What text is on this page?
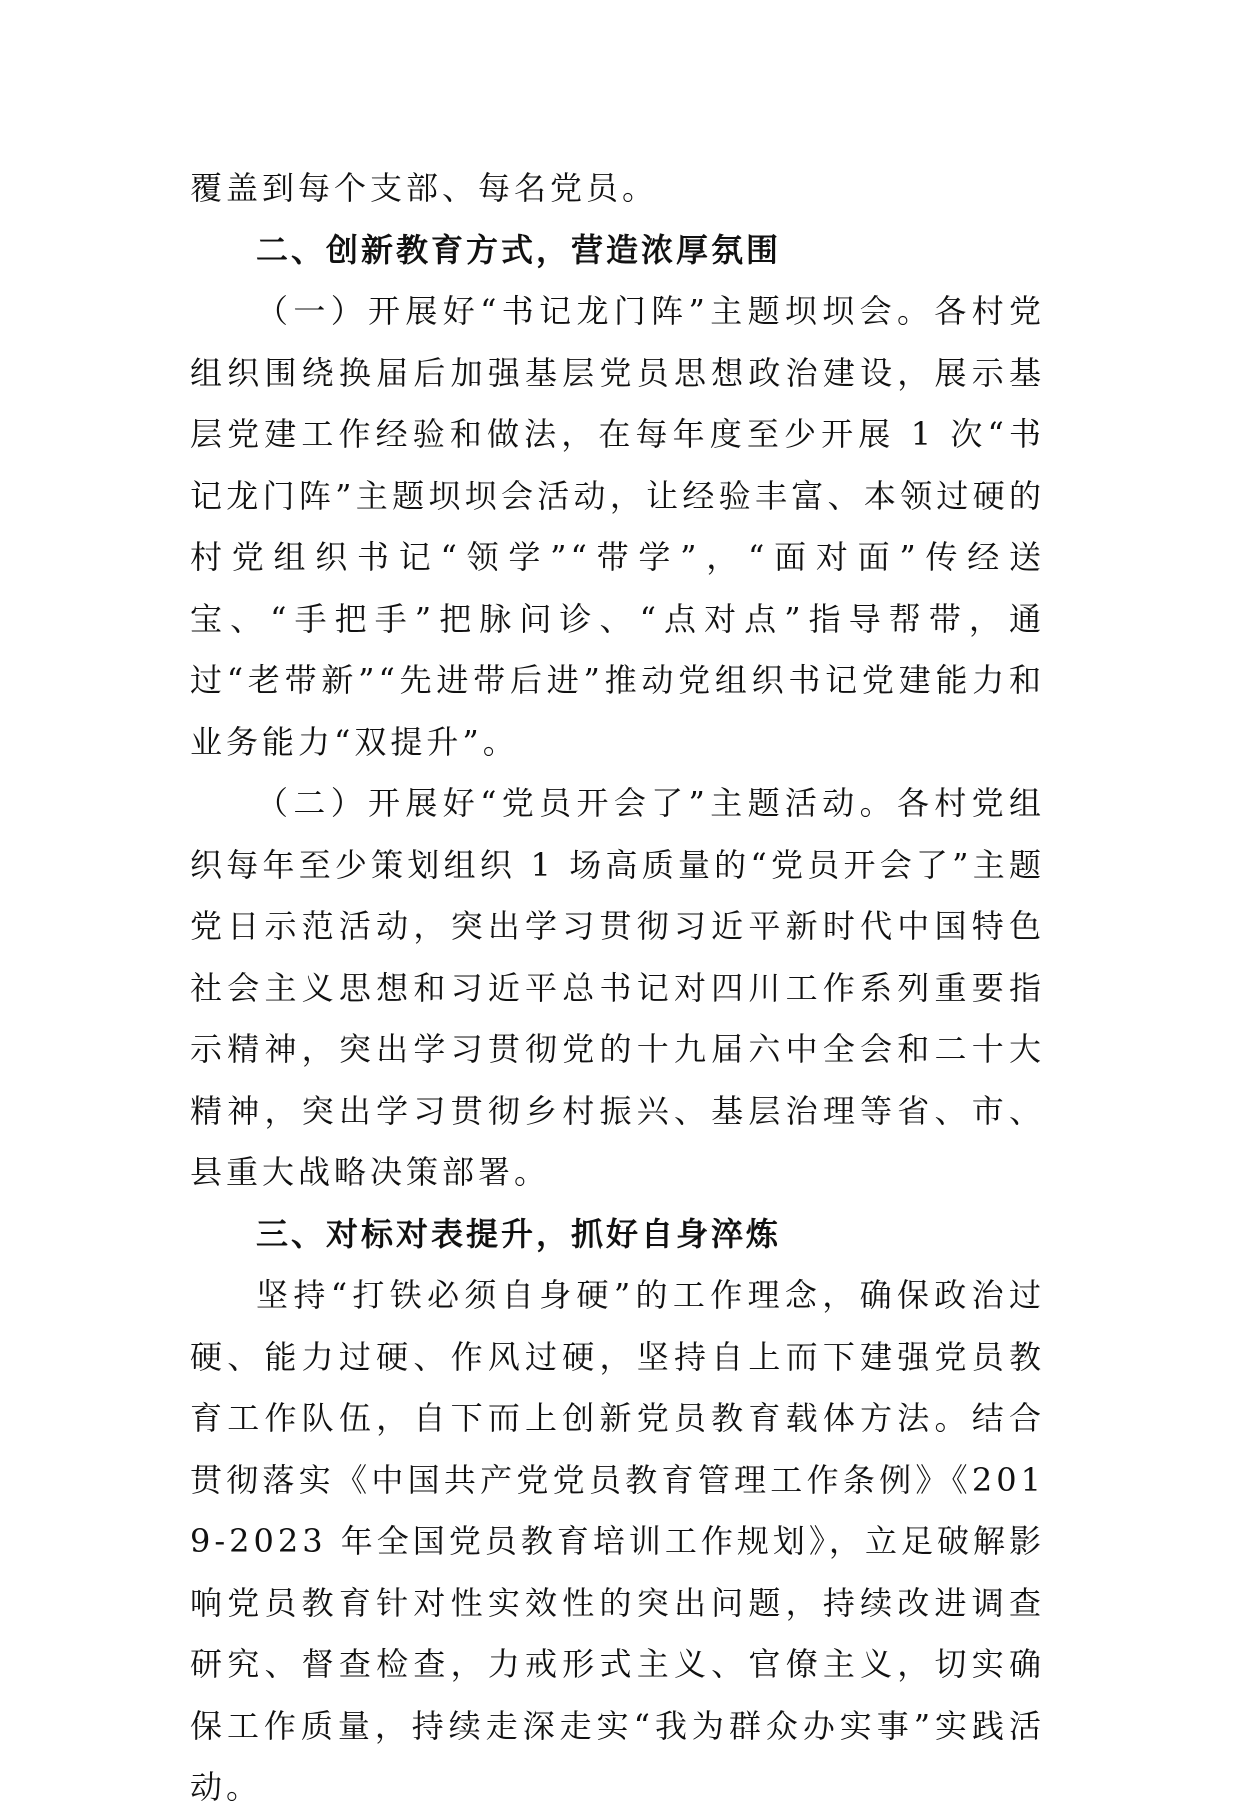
覆盖到每个支部、每名党员。

二、创新教育方式，营造浓厚氛围

（一）开展好“书记龙门阵”主题坝坝会。各村党组织围绕换届后加强基层党员思想政治建设，展示基层党建工作经验和做法，在每年度至少开展 1 次“书记龙门阵”主题坝坝会活动，让经验丰富、本领过硬的村党组织书记“领学”“带学”，“面对面”传经送宝、“手把手”把脉问诊、“点对点”指导帮带，通过“老带新”“先进带后进”推动党组织书记党建能力和业务能力“双提升”。

（二）开展好“党员开会了”主题活动。各村党组织每年至少策划组织 1 场高质量的“党员开会了”主题党日示范活动，突出学习贯彻习近平新时代中国特色社会主义思想和习近平总书记对四川工作系列重要指示精神，突出学习贯彻党的十九届六中全会和二十大精神，突出学习贯彻乡村振兴、基层治理等省、市、县重大战略决策部署。

三、对标对表提升，抓好自身淬炼

坚持“打铁必须自身硬”的工作理念，确保政治过硬、能力过硬、作风过硬，坚持自上而下建强党员教育工作队伍，自下而上创新党员教育载体方法。结合贯彻落实《中国共产党党员教育管理工作条例》《2019-2023 年全国党员教育培训工作规划》，立足破解影响党员教育针对性实效性的突出问题，持续改进调查研究、督查检查，力戒形式主义、官僚主义，切实确保工作质量，持续走深走实“我为群众办实事”实践活动。
